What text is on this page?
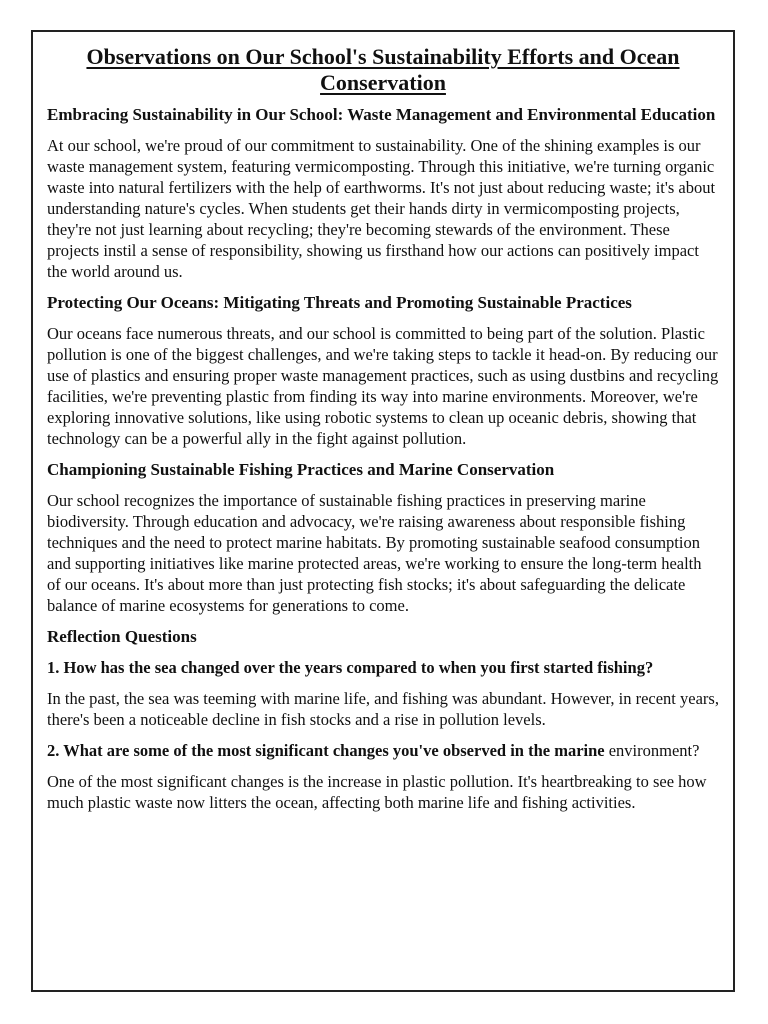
Observations on Our School's Sustainability Efforts and Ocean Conservation
Embracing Sustainability in Our School: Waste Management and Environmental Education

At our school, we're proud of our commitment to sustainability. One of the shining examples is our waste management system, featuring vermicomposting. Through this initiative, we're turning organic waste into natural fertilizers with the help of earthworms. It's not just about reducing waste; it's about understanding nature's cycles. When students get their hands dirty in vermicomposting projects, they're not just learning about recycling; they're becoming stewards of the environment. These projects instil a sense of responsibility, showing us firsthand how our actions can positively impact the world around us.

Protecting Our Oceans: Mitigating Threats and Promoting Sustainable Practices

Our oceans face numerous threats, and our school is committed to being part of the solution. Plastic pollution is one of the biggest challenges, and we're taking steps to tackle it head-on. By reducing our use of plastics and ensuring proper waste management practices, such as using dustbins and recycling facilities, we're preventing plastic from finding its way into marine environments. Moreover, we're exploring innovative solutions, like using robotic systems to clean up oceanic debris, showing that technology can be a powerful ally in the fight against pollution.

Championing Sustainable Fishing Practices and Marine Conservation

Our school recognizes the importance of sustainable fishing practices in preserving marine biodiversity. Through education and advocacy, we're raising awareness about responsible fishing techniques and the need to protect marine habitats. By promoting sustainable seafood consumption and supporting initiatives like marine protected areas, we're working to ensure the long-term health of our oceans. It's about more than just protecting fish stocks; it's about safeguarding the delicate balance of marine ecosystems for generations to come.

Reflection Questions
1. How has the sea changed over the years compared to when you first started fishing?

In the past, the sea was teeming with marine life, and fishing was abundant. However, in recent years, there's been a noticeable decline in fish stocks and a rise in pollution levels.

2. What are some of the most significant changes you've observed in the marine environment?

One of the most significant changes is the increase in plastic pollution. It's heartbreaking to see how much plastic waste now litters the ocean, affecting both marine life and fishing activities.
